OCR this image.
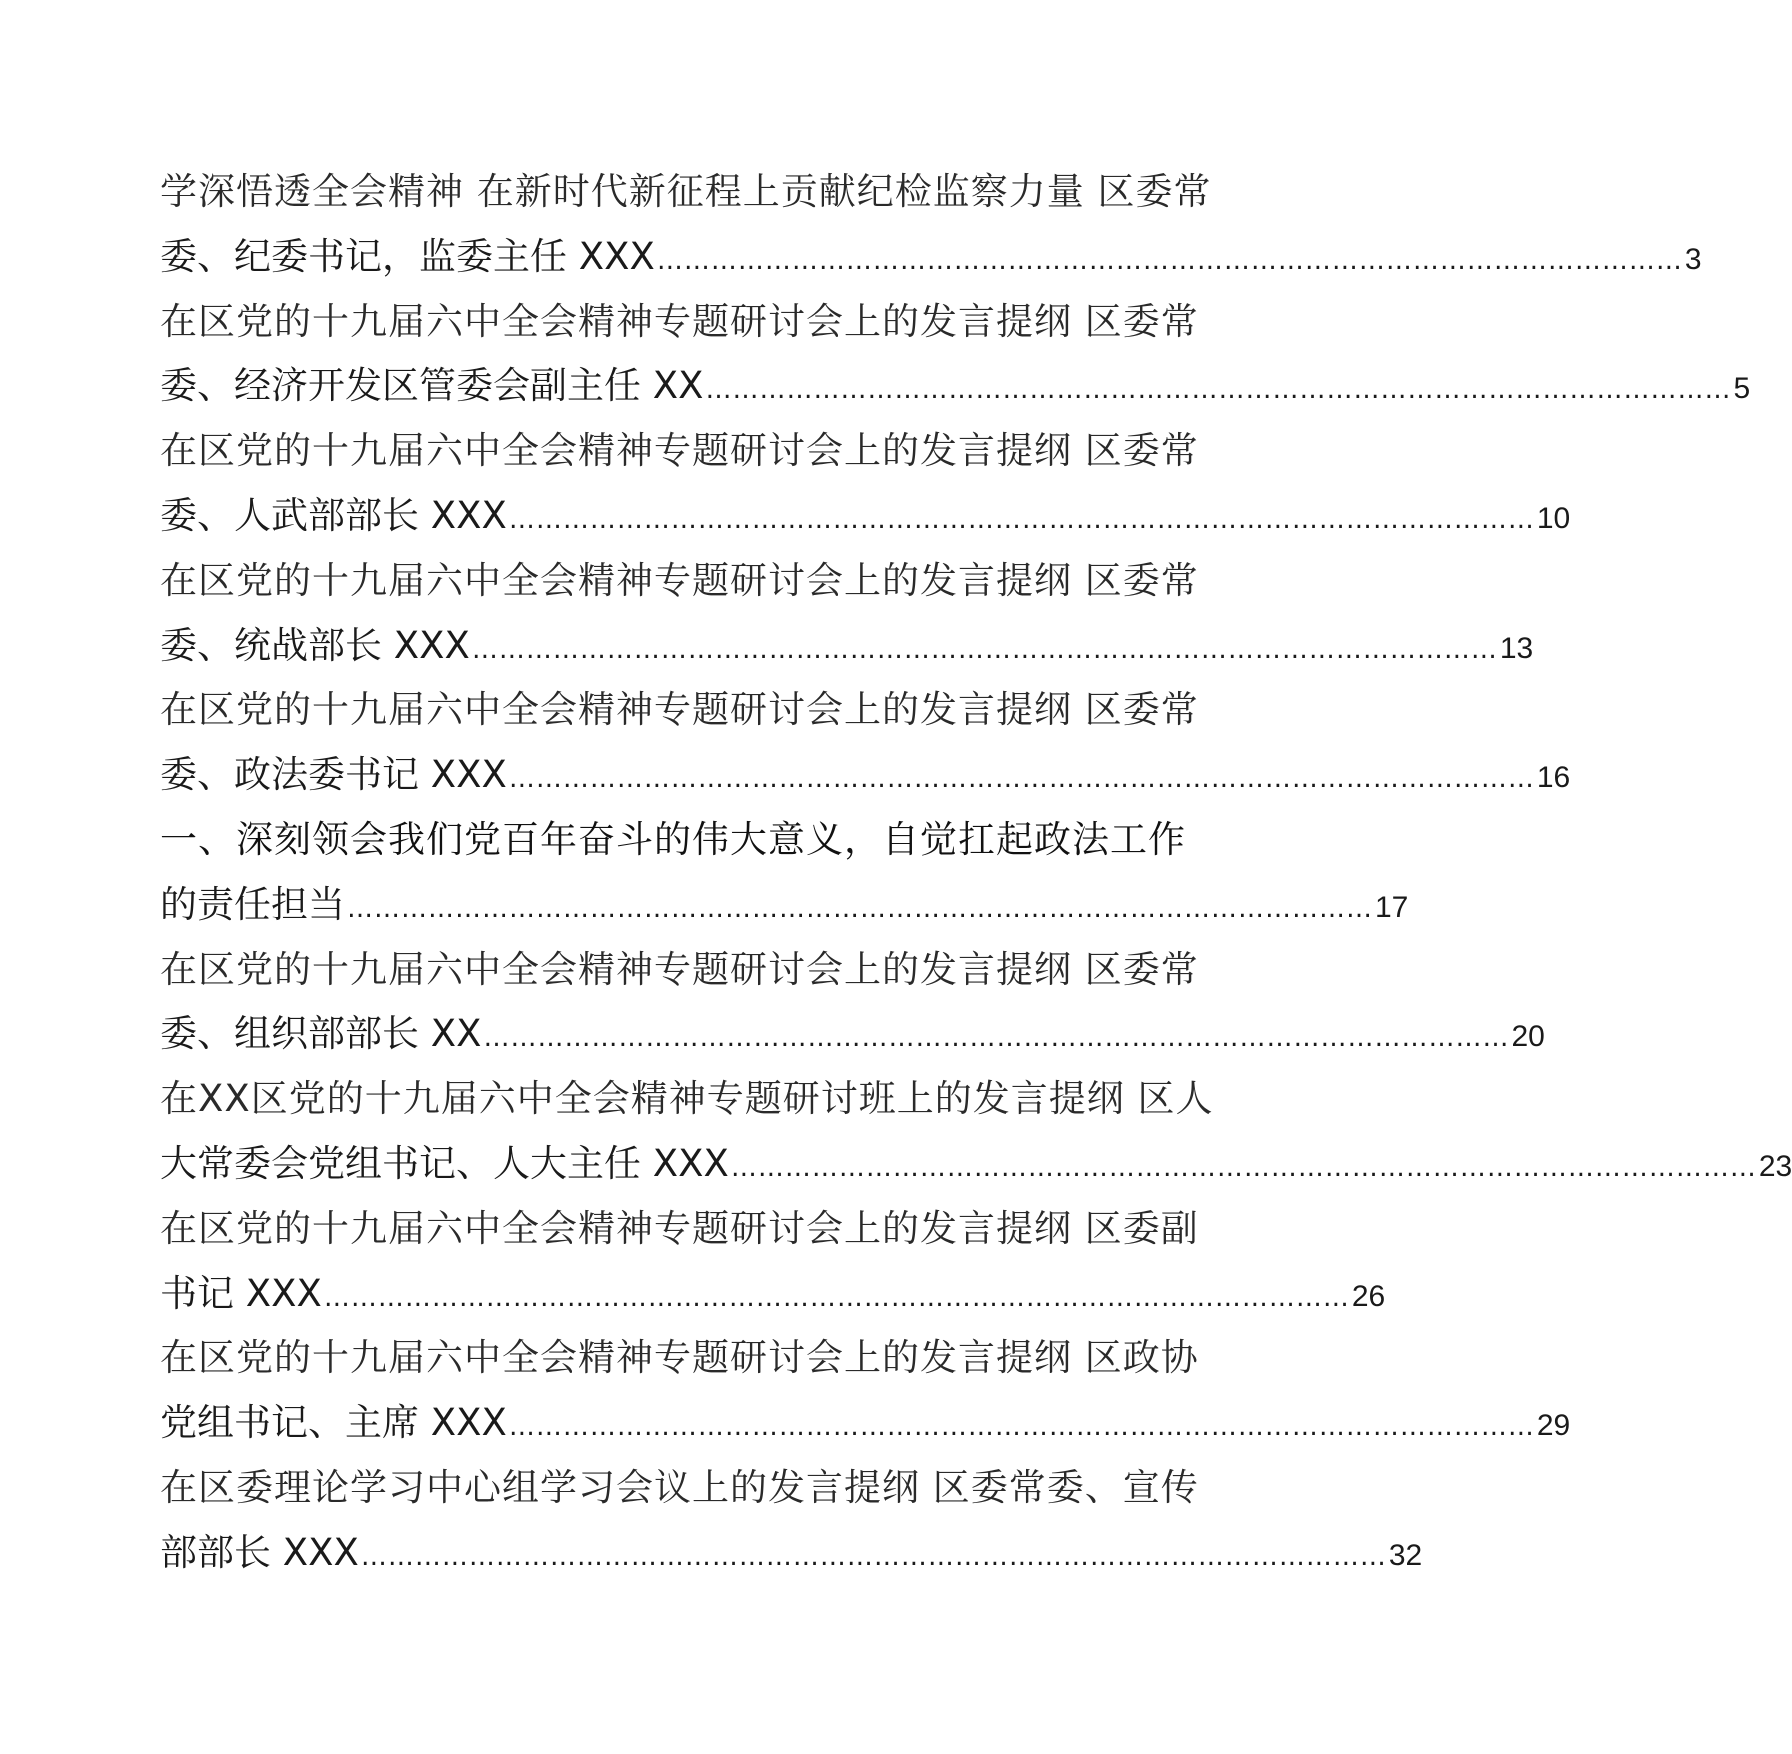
学深悟透全会精神 在新时代新征程上贡献纪检监察力量 区委常
委、纪委书记，监委主任 XXX …………………………………………………………………………………………………… 3
在区党的十九届六中全会精神专题研讨会上的发言提纲 区委常
委、经济开发区管委会副主任 XX …………………………………………………………………………………………………… 5
在区党的十九届六中全会精神专题研讨会上的发言提纲 区委常
委、人武部部长 XXX …………………………………………………………………………………………………… 10
在区党的十九届六中全会精神专题研讨会上的发言提纲 区委常
委、统战部长 XXX …………………………………………………………………………………………………… 13
在区党的十九届六中全会精神专题研讨会上的发言提纲 区委常
委、政法委书记 XXX …………………………………………………………………………………………………… 16
一、深刻领会我们党百年奋斗的伟大意义，自觉扛起政法工作
的责任担当 …………………………………………………………………………………………………… 17
在区党的十九届六中全会精神专题研讨会上的发言提纲 区委常
委、组织部部长 XX …………………………………………………………………………………………………… 20
在XX区党的十九届六中全会精神专题研讨班上的发言提纲 区人
大常委会党组书记、人大主任 XXX …………………………………………………………………………………………………… 23
在区党的十九届六中全会精神专题研讨会上的发言提纲 区委副
书记 XXX …………………………………………………………………………………………………… 26
在区党的十九届六中全会精神专题研讨会上的发言提纲 区政协
党组书记、主席 XXX …………………………………………………………………………………………………… 29
在区委理论学习中心组学习会议上的发言提纲 区委常委、宣传
部部长 XXX …………………………………………………………………………………………………… 32
